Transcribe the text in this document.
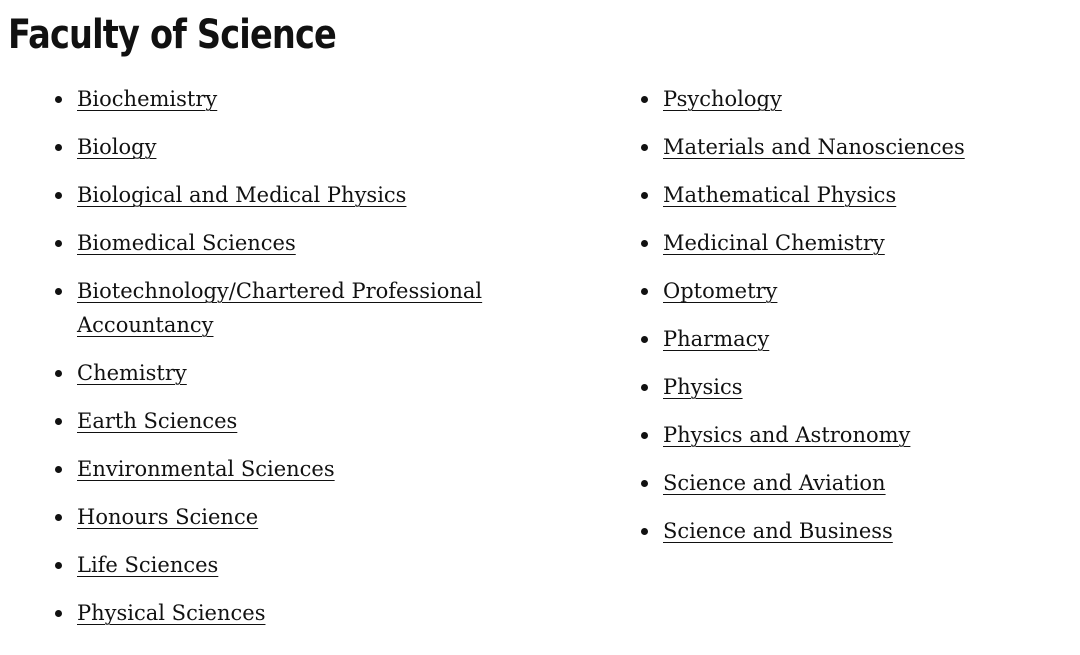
Faculty of Science
Biochemistry
Biology
Biological and Medical Physics
Biomedical Sciences
Biotechnology/Chartered Professional Accountancy
Chemistry
Earth Sciences
Environmental Sciences
Honours Science
Life Sciences
Physical Sciences
Psychology
Materials and Nanosciences
Mathematical Physics
Medicinal Chemistry
Optometry
Pharmacy
Physics
Physics and Astronomy
Science and Aviation
Science and Business
